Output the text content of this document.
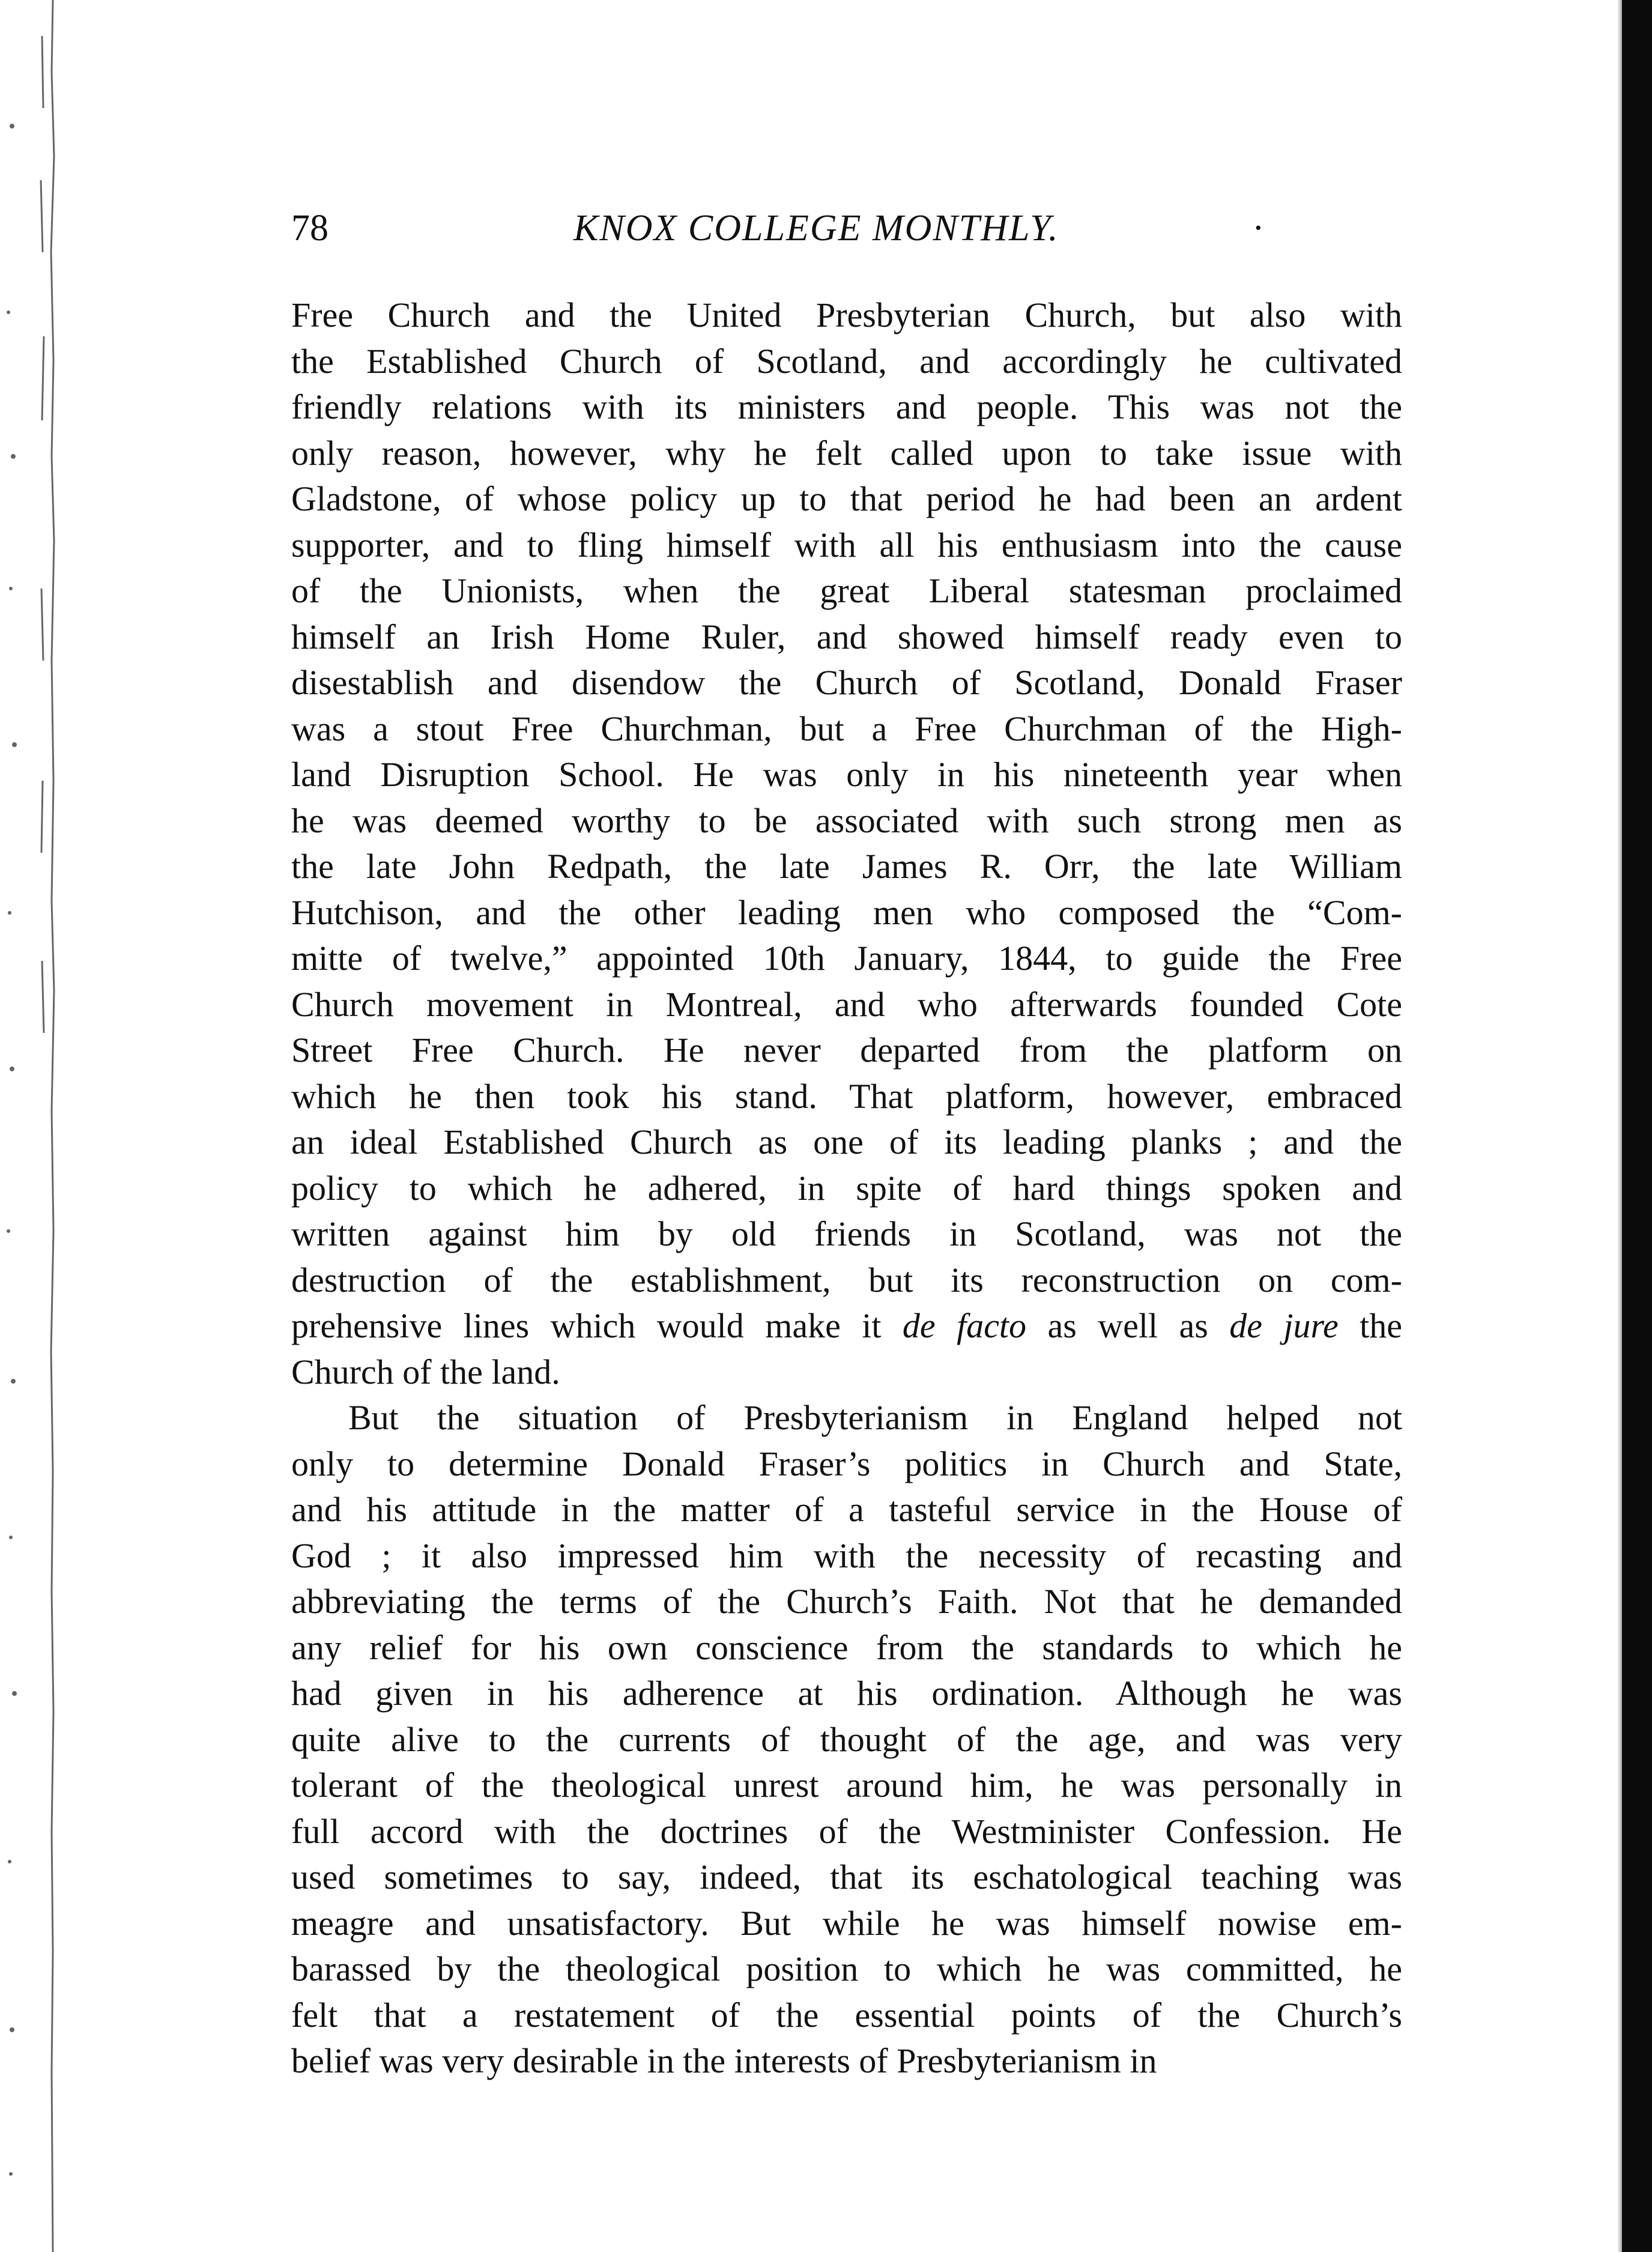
78	KNOX COLLEGE MONTHLY.	·
Free Church and the United Presbyterian Church, but also with
the Established Church of Scotland, and accordingly he cultivated
friendly relations with its ministers and people. This was not the
only reason, however, why he felt called upon to take issue with
Gladstone, of whose policy up to that period he had been an ardent
supporter, and to fling himself with all his enthusiasm into the cause
of the Unionists, when the great Liberal statesman proclaimed
himself an Irish Home Ruler, and showed himself ready even to
disestablish and disendow the Church of Scotland, Donald Fraser
was a stout Free Churchman, but a Free Churchman of the High-
land Disruption School. He was only in his nineteenth year when
he was deemed worthy to be associated with such strong men as
the late John Redpath, the late James R. Orr, the late William
Hutchison, and the other leading men who composed the “Com-
mitte of twelve,” appointed 10th January, 1844, to guide the Free
Church movement in Montreal, and who afterwards founded Cote
Street Free Church. He never departed from the platform on
which he then took his stand. That platform, however, embraced
an ideal Established Church as one of its leading planks ; and the
policy to which he adhered, in spite of hard things spoken and
written against him by old friends in Scotland, was not the
destruction of the establishment, but its reconstruction on com-
prehensive lines which would make it de facto as well as de jure the
Church of the land.
But the situation of Presbyterianism in England helped not
only to determine Donald Fraser’s politics in Church and State,
and his attitude in the matter of a tasteful service in the House of
God ; it also impressed him with the necessity of recasting and
abbreviating the terms of the Church’s Faith. Not that he demanded
any relief for his own conscience from the standards to which he
had given in his adherence at his ordination. Although he was
quite alive to the currents of thought of the age, and was very
tolerant of the theological unrest around him, he was personally in
full accord with the doctrines of the Westminister Confession. He
used sometimes to say, indeed, that its eschatological teaching was
meagre and unsatisfactory. But while he was himself nowise em-
barassed by the theological position to which he was committed, he
felt that a restatement of the essential points of the Church’s
belief was very desirable in the interests of Presbyterianism in
